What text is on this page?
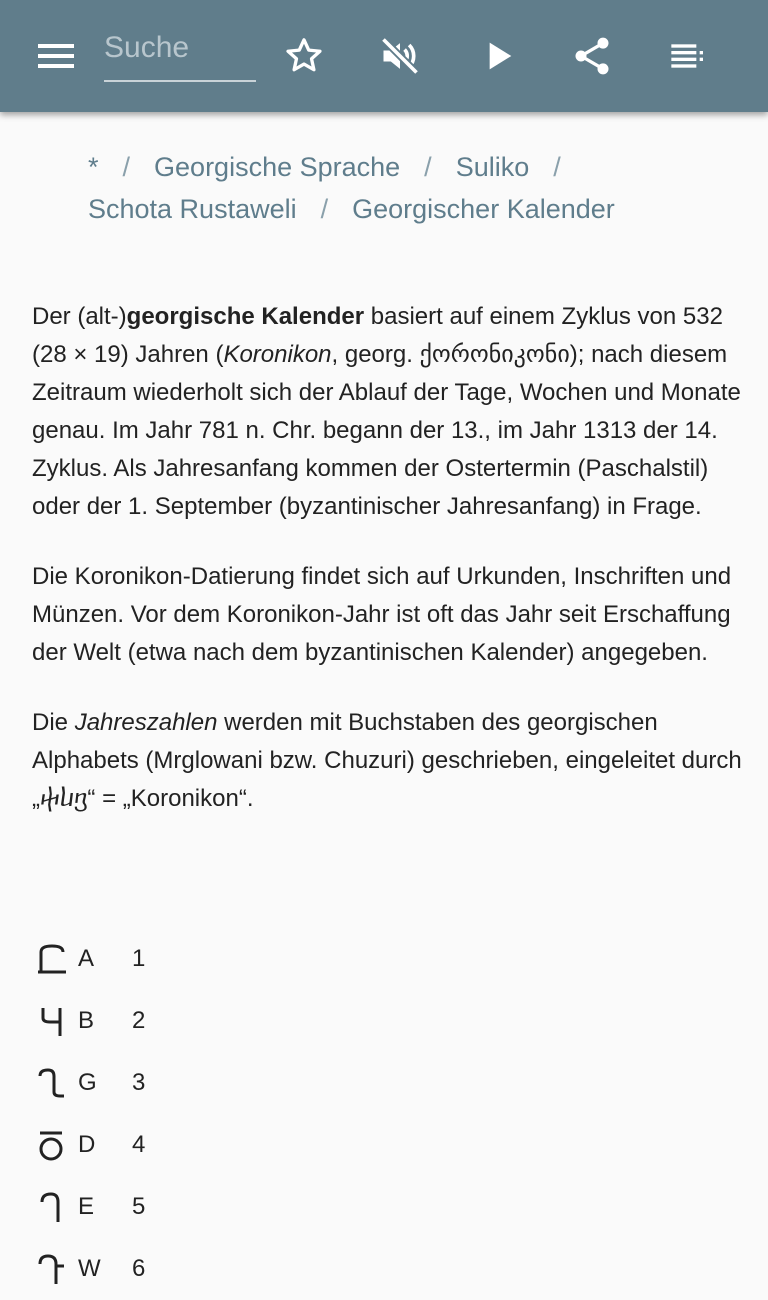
Suche
* / Georgische Sprache / Suliko /
Schota Rustaweli / Georgischer Kalender

Der (alt-)georgische Kalender basiert auf einem Zyklus von 532 (28 × 19) Jahren (Koronikon, georg. ქორონიკონი); nach diesem Zeitraum wiederholt sich der Ablauf der Tage, Wochen und Monate genau. Im Jahr 781 n. Chr. begann der 13., im Jahr 1313 der 14. Zyklus. Als Jahresanfang kommen der Ostertermin (Paschalstil) oder der 1. September (byzantinischer Jahresanfang) in Frage.

Die Koronikon-Datierung findet sich auf Urkunden, Inschriften und Münzen. Vor dem Koronikon-Jahr ist oft das Jahr seit Erschaffung der Welt (etwa nach dem byzantinischen Kalender) angegeben.

Die Jahreszahlen werden mit Buchstaben des georgischen Alphabets (Mrglowani bzw. Chuzuri) geschrieben, eingeleitet durch „ⴕⴑⴂ“ = „Koronikon“.

A	1
B	2
G	3
D	4
E	5
W	6
